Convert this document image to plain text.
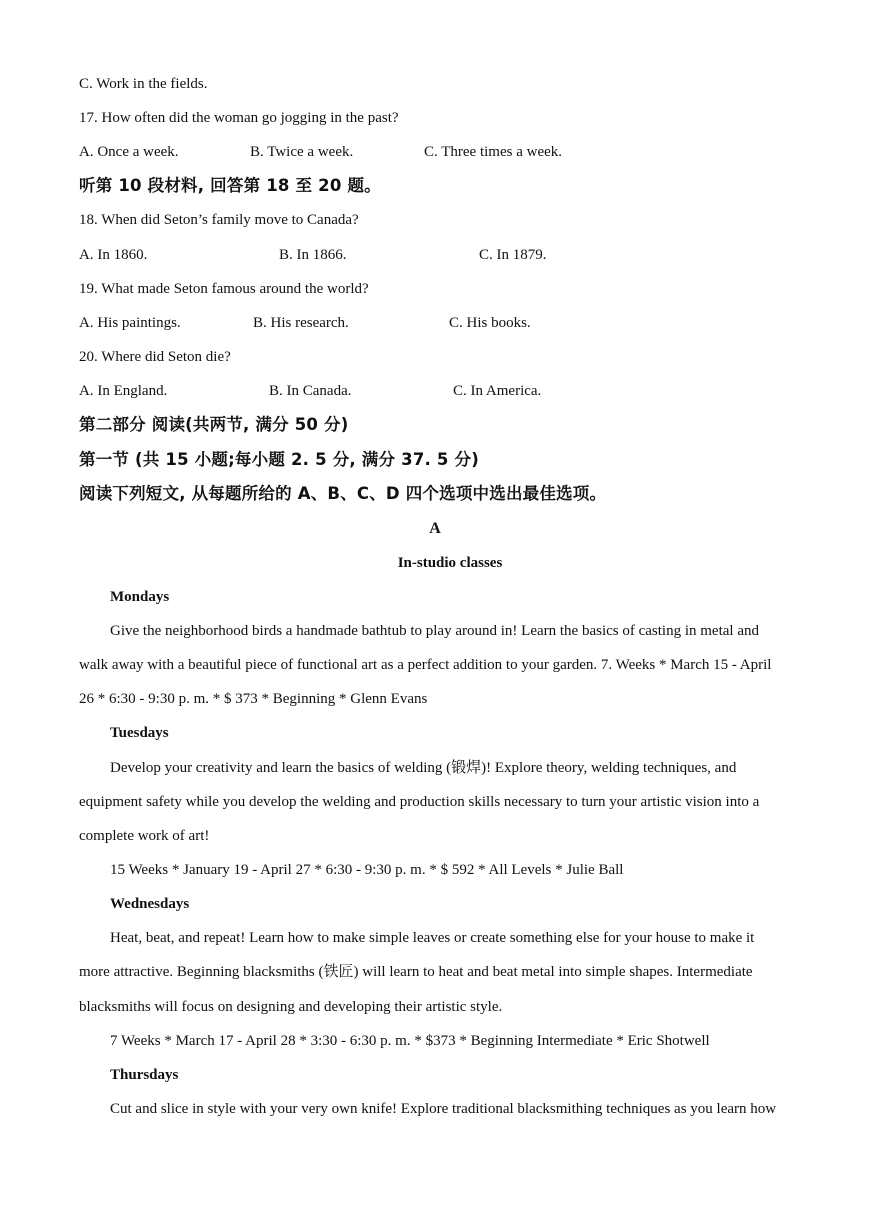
C. Work in the fields.
17. How often did the woman go jogging in the past?
A. Once a week.	B. Twice a week.	C. Three times a week.
听第 10 段材料, 回答第 18 至 20 题。
18. When did Seton’s family move to Canada?
A. In 1860.	B. In 1866.	C. In 1879.
19. What made Seton famous around the world?
A. His paintings.	B. His research.	C. His books.
20. Where did Seton die?
A. In England.	B. In Canada.	C. In America.
第二部分 阅读(共两节, 满分 50 分)
第一节 (共 15 小题;每小题 2. 5 分, 满分 37. 5 分)
阅读下列短文, 从每题所给的 A、B、C、D 四个选项中选出最佳选项。
A
In-studio classes
Mondays
Give the neighborhood birds a handmade bathtub to play around in! Learn the basics of casting in metal and
walk away with a beautiful piece of functional art as a perfect addition to your garden. 7. Weeks * March 15 - April
26 * 6:30 - 9:30 p. m. * $ 373 * Beginning * Glenn Evans
Tuesdays
Develop your creativity and learn the basics of welding (锻焊)! Explore theory, welding techniques, and
equipment safety while you develop the welding and production skills necessary to turn your artistic vision into a
complete work of art!
15 Weeks * January 19 - April 27 * 6:30 - 9:30 p. m. * $ 592 * All Levels * Julie Ball
Wednesdays
Heat, beat, and repeat! Learn how to make simple leaves or create something else for your house to make it
more attractive. Beginning blacksmiths (铁匠) will learn to heat and beat metal into simple shapes. Intermediate
blacksmiths will focus on designing and developing their artistic style.
7 Weeks * March 17 - April 28 * 3:30 - 6:30 p. m. * $373 * Beginning Intermediate * Eric Shotwell
Thursdays
Cut and slice in style with your very own knife! Explore traditional blacksmithing techniques as you learn how
